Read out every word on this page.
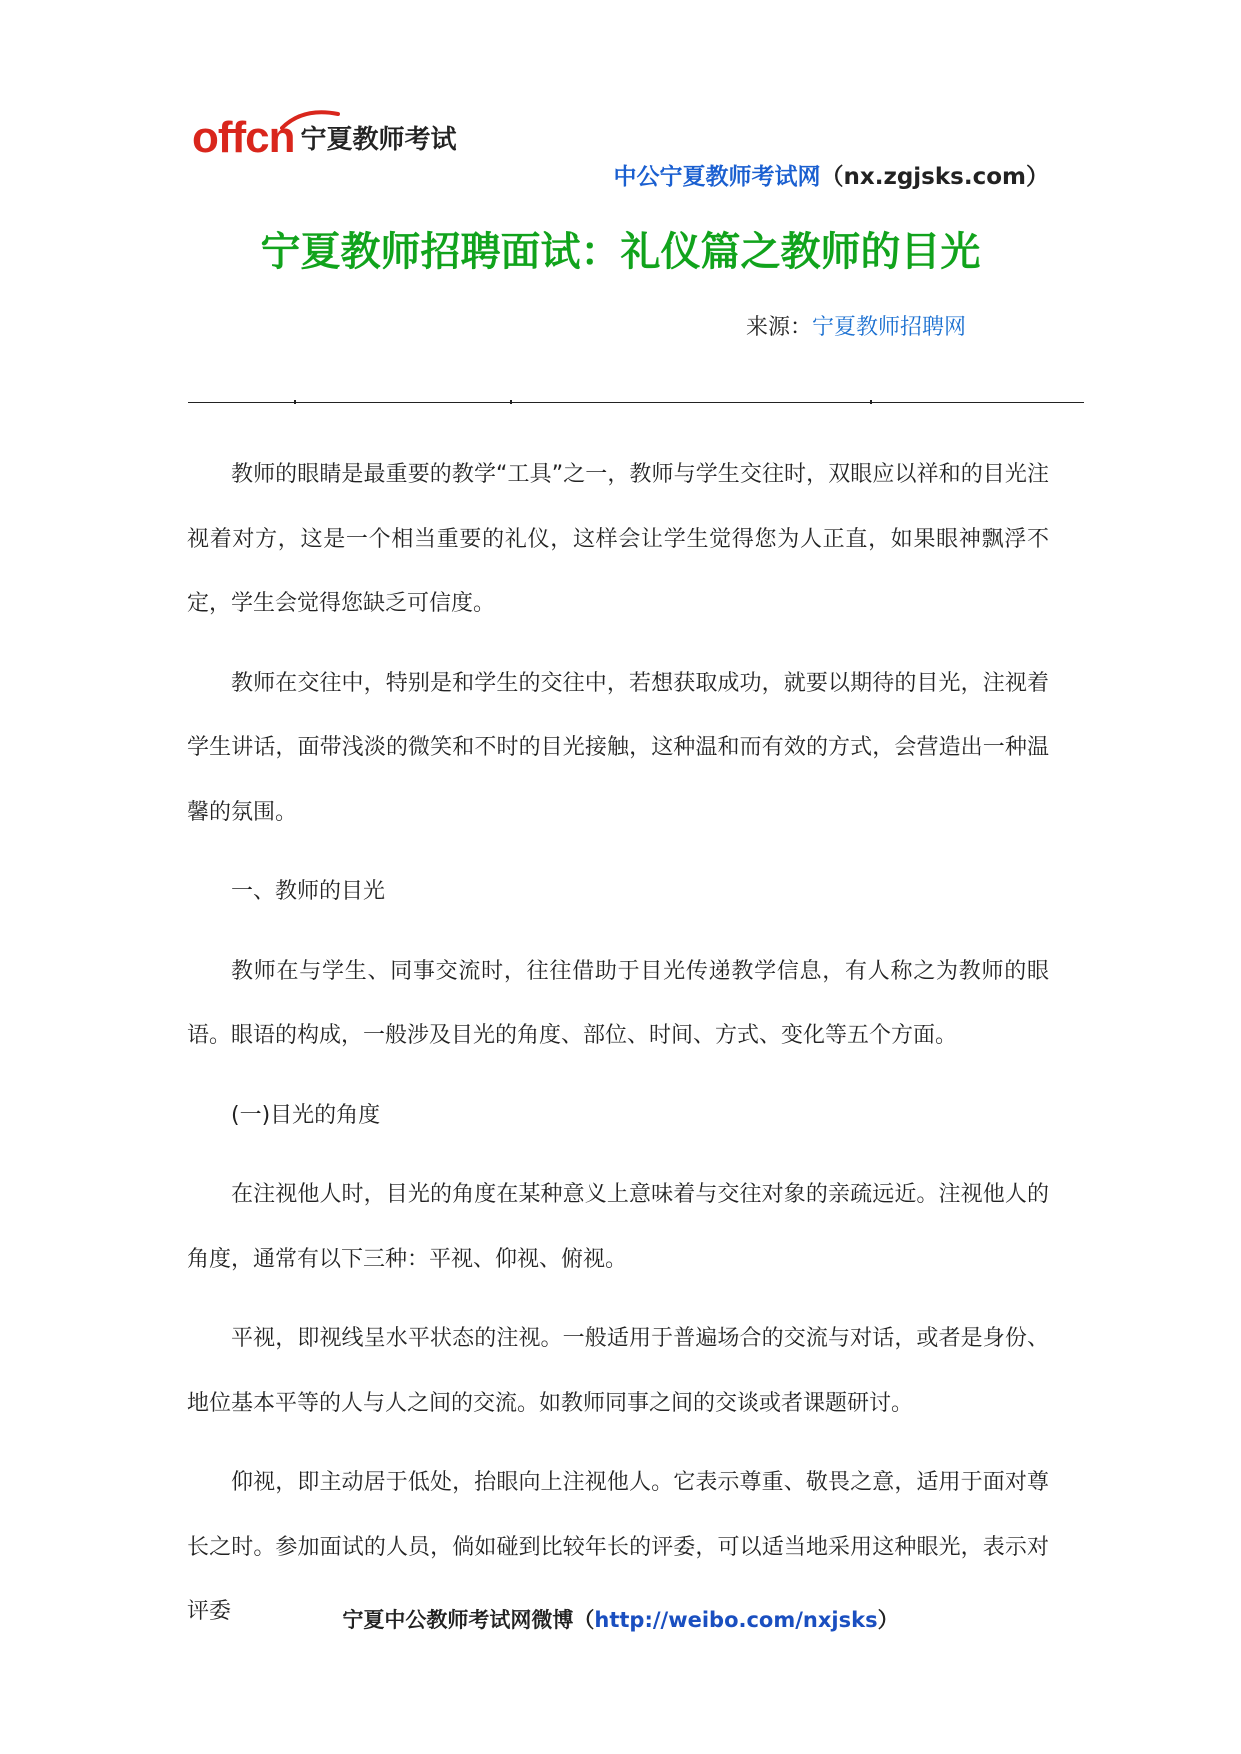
offcn 宁夏教师考试
中公宁夏教师考试网（nx.zgjsks.com）
宁夏教师招聘面试：礼仪篇之教师的目光
来源：宁夏教师招聘网

教师的眼睛是最重要的教学“工具”之一，教师与学生交往时，双眼应以祥和的目光注视着对方，这是一个相当重要的礼仪，这样会让学生觉得您为人正直，如果眼神飘浮不定，学生会觉得您缺乏可信度。

教师在交往中，特别是和学生的交往中，若想获取成功，就要以期待的目光，注视着学生讲话，面带浅淡的微笑和不时的目光接触，这种温和而有效的方式，会营造出一种温馨的氛围。

一、教师的目光

教师在与学生、同事交流时，往往借助于目光传递教学信息，有人称之为教师的眼语。眼语的构成，一般涉及目光的角度、部位、时间、方式、变化等五个方面。

(一)目光的角度

在注视他人时，目光的角度在某种意义上意味着与交往对象的亲疏远近。注视他人的角度，通常有以下三种：平视、仰视、俯视。

平视，即视线呈水平状态的注视。一般适用于普遍场合的交流与对话，或者是身份、地位基本平等的人与人之间的交流。如教师同事之间的交谈或者课题研讨。

仰视，即主动居于低处，抬眼向上注视他人。它表示尊重、敬畏之意，适用于面对尊长之时。参加面试的人员，倘如碰到比较年长的评委，可以适当地采用这种眼光，表示对评委	宁夏中公教师考试网微博（http://weibo.com/nxjsks）
